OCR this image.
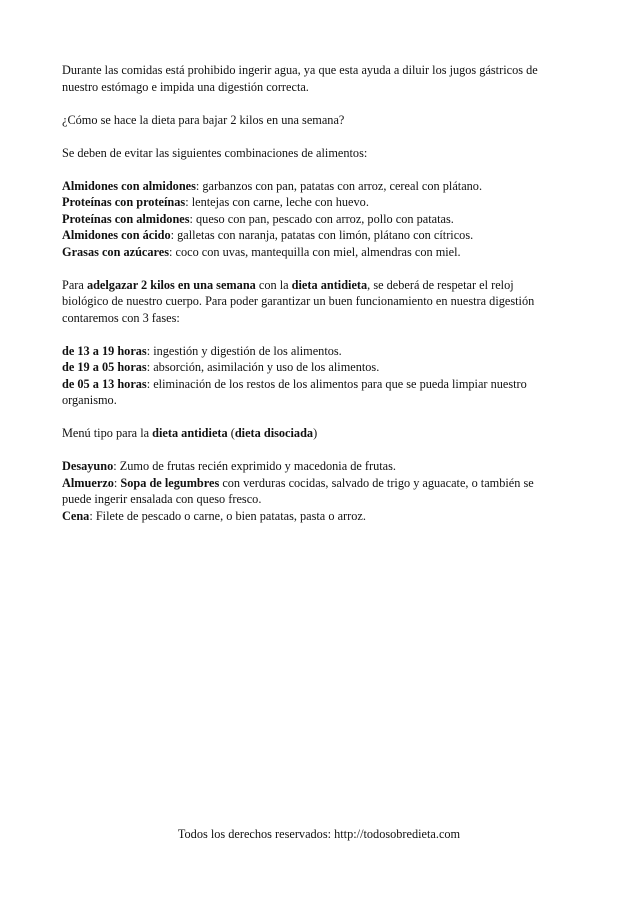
Durante las comidas está prohibido ingerir agua, ya que esta ayuda a diluir los jugos gástricos de
nuestro estómago e impida una digestión correcta.

¿Cómo se hace la dieta para bajar 2 kilos en una semana?

Se deben de evitar las siguientes combinaciones de alimentos:

Almidones con almidones: garbanzos con pan, patatas con arroz, cereal con plátano.
Proteínas con proteínas: lentejas con carne, leche con huevo.
Proteínas con almidones: queso con pan, pescado con arroz, pollo con patatas.
Almidones con ácido: galletas con naranja, patatas con limón, plátano con cítricos.
Grasas con azúcares: coco con uvas, mantequilla con miel, almendras con miel.

Para adelgazar 2 kilos en una semana con la dieta antidieta, se deberá de respetar el reloj
biológico de nuestro cuerpo. Para poder garantizar un buen funcionamiento en nuestra digestión
contaremos con 3 fases:

de 13 a 19 horas: ingestión y digestión de los alimentos.
de 19 a 05 horas: absorción, asimilación y uso de los alimentos.
de 05 a 13 horas: eliminación de los restos de los alimentos para que se pueda limpiar nuestro
organismo.

Menú tipo para la dieta antidieta (dieta disociada)

Desayuno: Zumo de frutas recién exprimido y macedonia de frutas.
Almuerzo: Sopa de legumbres con verduras cocidas, salvado de trigo y aguacate, o también se
puede ingerir ensalada con queso fresco.
Cena: Filete de pescado o carne, o bien patatas, pasta o arroz.

Todos los derechos reservados: http://todosobredieta.com
